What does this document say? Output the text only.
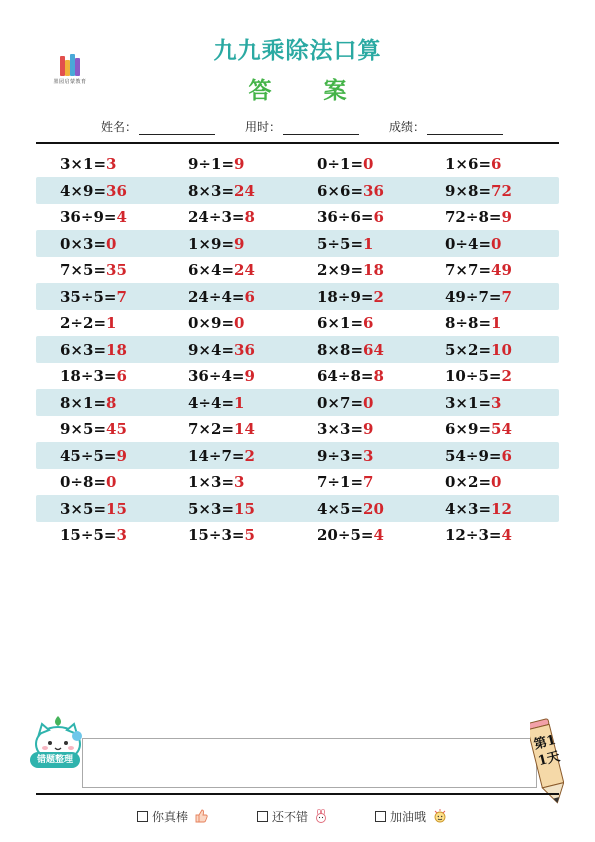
墨园启蒙教育
九九乘除法口算
答 案
姓名：	用时：	成绩：
3×1=3	9÷1=9	0÷1=0	1×6=6
4×9=36	8×3=24	6×6=36	9×8=72
36÷9=4	24÷3=8	36÷6=6	72÷8=9
0×3=0	1×9=9	5÷5=1	0÷4=0
7×5=35	6×4=24	2×9=18	7×7=49
35÷5=7	24÷4=6	18÷9=2	49÷7=7
2÷2=1	0×9=0	6×1=6	8÷8=1
6×3=18	9×4=36	8×8=64	5×2=10
18÷3=6	36÷4=9	64÷8=8	10÷5=2
8×1=8	4÷4=1	0×7=0	3×1=3
9×5=45	7×2=14	3×3=9	6×9=54
45÷5=9	14÷7=2	9÷3=3	54÷9=6
0÷8=0	1×3=3	7÷1=7	0×2=0
3×5=15	5×3=15	4×5=20	4×3=12
15÷5=3	15÷3=5	20÷5=4	12÷3=4
错题整理
第11天
你真棒	还不错	加油哦
